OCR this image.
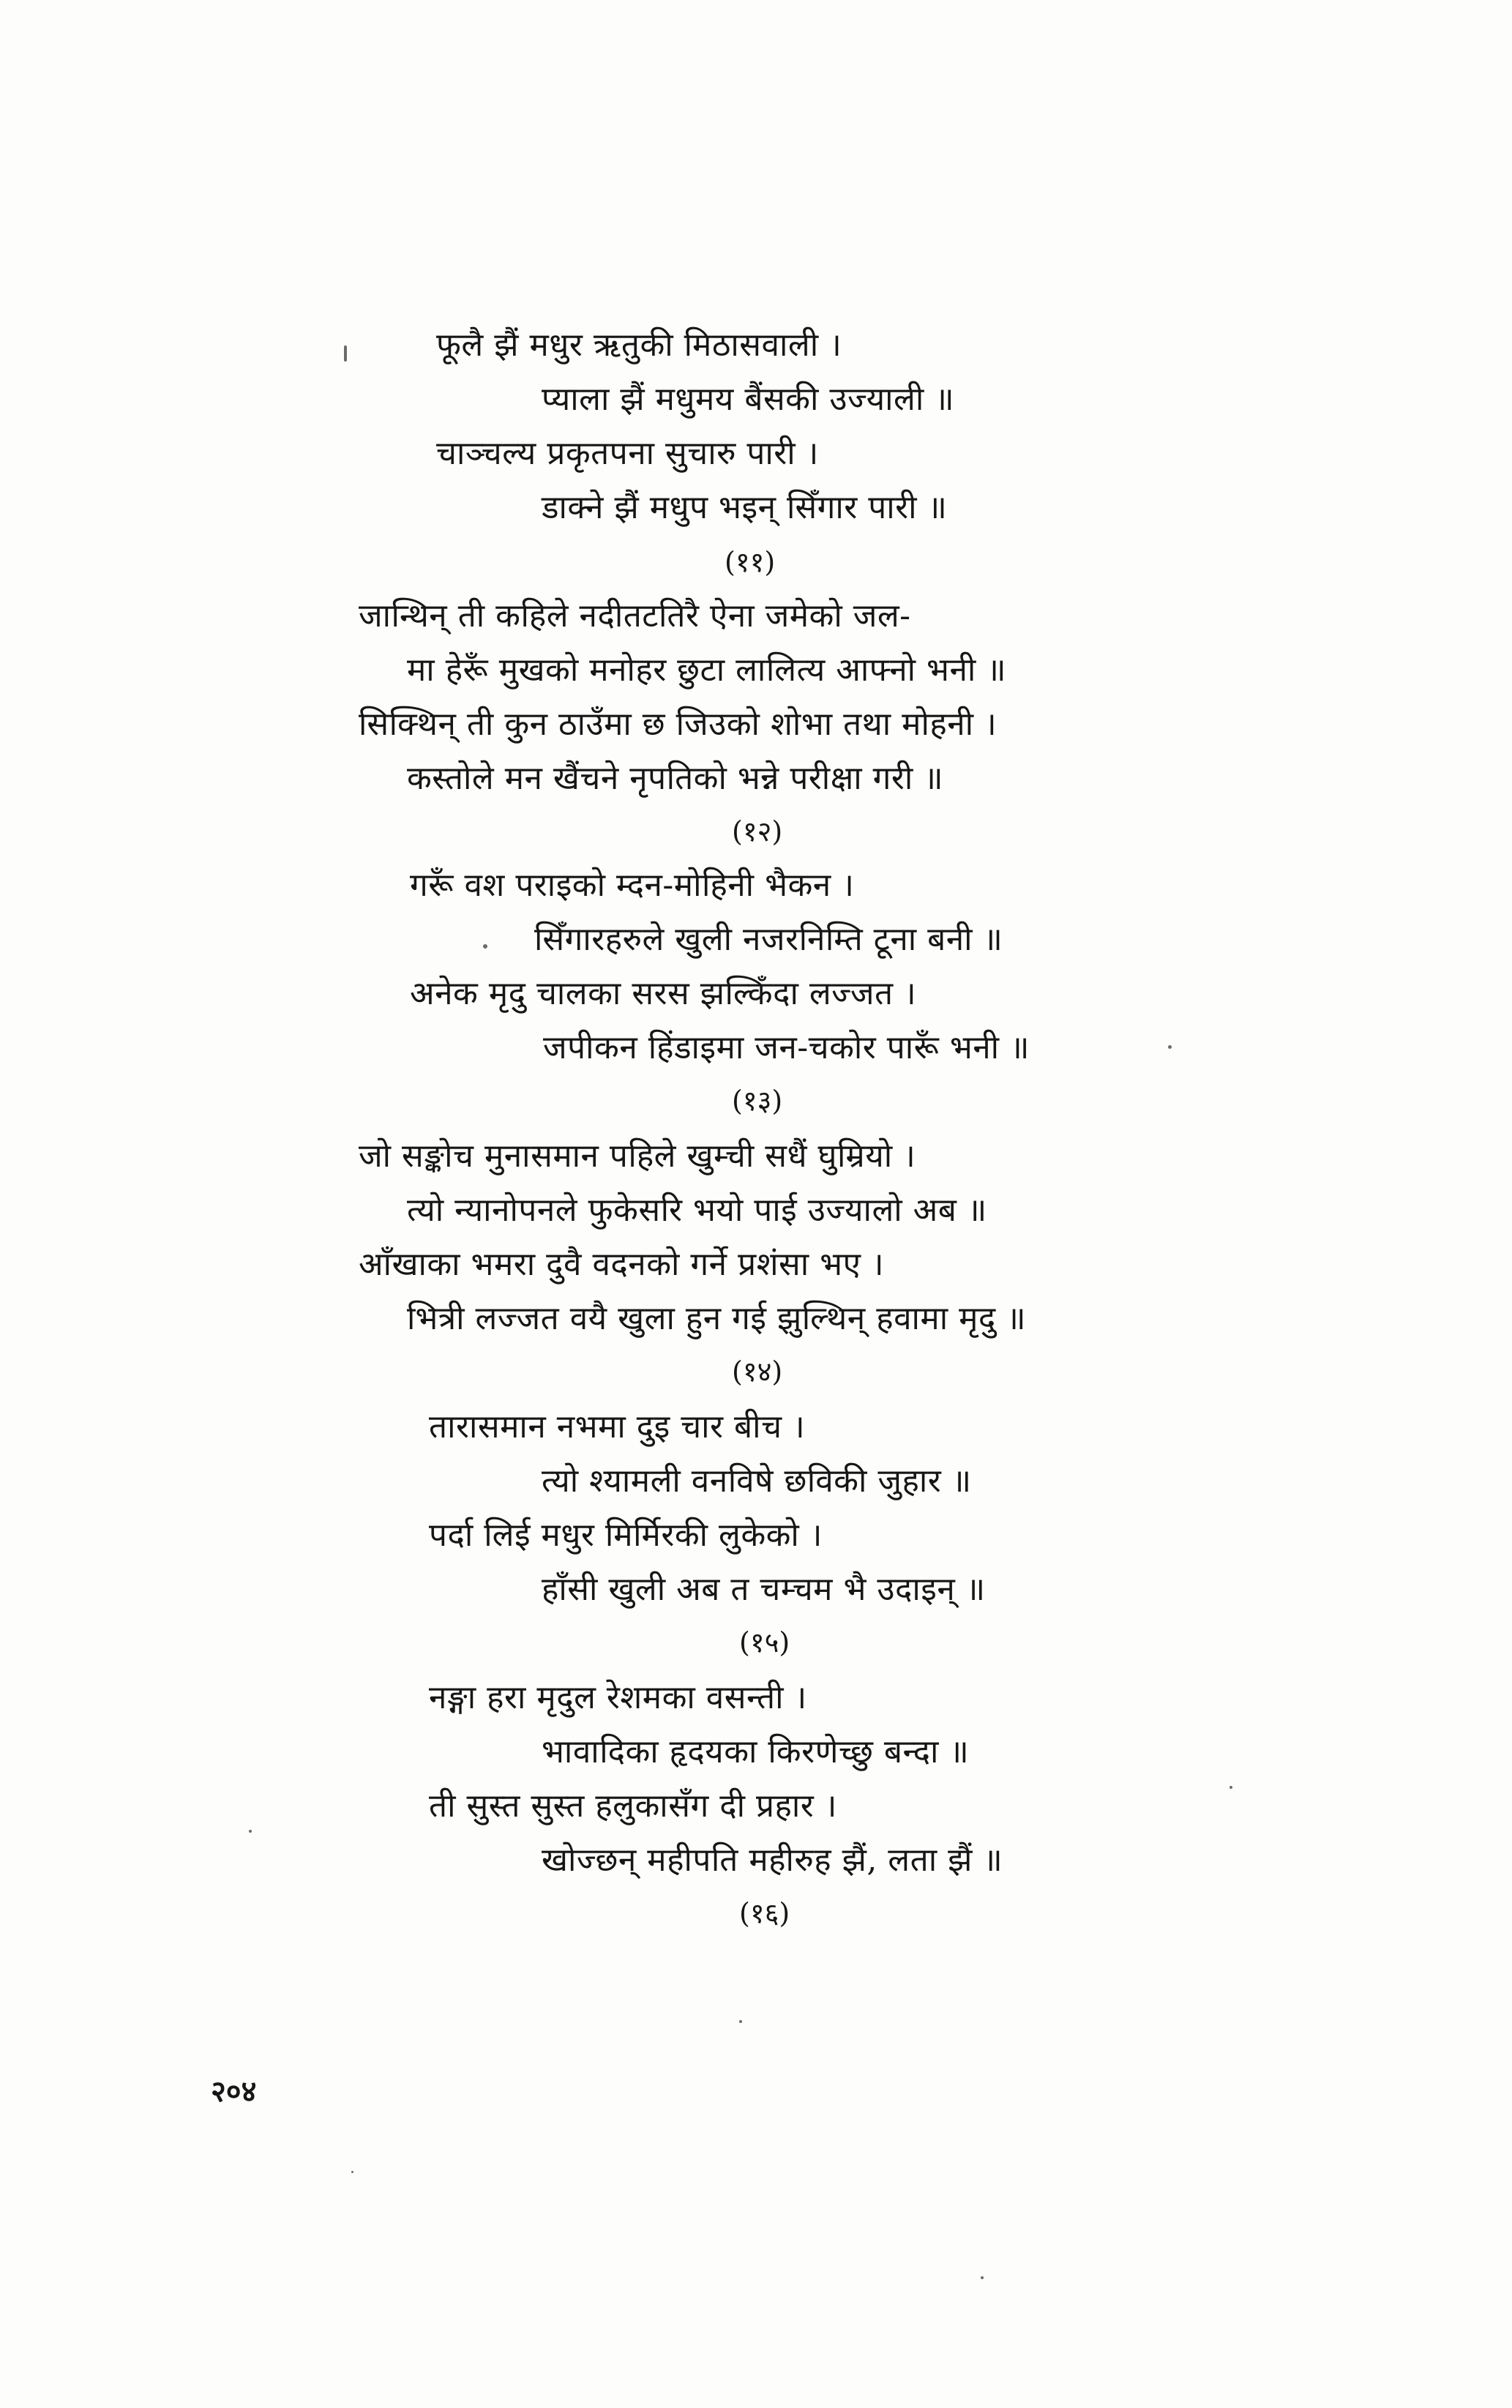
फूलै झैं मधुर ऋतुकी मिठासवाली ।
प्याला झैं मधुमय बैंसकी उज्याली ॥
चाञ्चल्य प्रकृतपना सुचारु पारी ।
डाक्ने झैं मधुप भइन् सिँगार पारी ॥
(११)
जान्थिन् ती कहिले नदीतटतिरै ऐना जमेको जल-
मा हेरूँ मुखको मनोहर छुटा लालित्य आफ्नो भनी ॥
सिक्थिन् ती कुन ठाउँमा छ जिउको शोभा तथा मोहनी ।
कस्तोले मन खैंचने नृपतिको भन्ने परीक्षा गरी ॥
(१२)
गरूँ वश पराइको म्दन-मोहिनी भैकन ।
सिँगारहरुले खुली नजरनिम्ति टूना बनी ॥
अनेक मृदु चालका सरस झल्किँदा लज्जत ।
जपीकन हिंडाइमा जन-चकोर पारूँ भनी ॥
(१३)
जो सङ्कोच मुनासमान पहिले खुम्ची सधैं घुम्रियो ।
त्यो न्यानोपनले फुकेसरि भयो पाई उज्यालो अब ॥
आँखाका भमरा दुवै वदनको गर्ने प्रशंसा भए ।
भित्री लज्जत वयै खुला हुन गई झुल्थिन् हवामा मृदु ॥
(१४)
तारासमान नभमा दुइ चार बीच ।
त्यो श्यामली वनविषे छविकी जुहार ॥
पर्दा लिई मधुर मिर्मिरकी लुकेको ।
हाँसी खुली अब त चम्चम भै उदाइन् ॥
(१५)
नङ्गा हरा मृदुल रेशमका वसन्ती ।
भावादिका हृदयका किरणेच्छु बन्दा ॥
ती सुस्त सुस्त हलुकासँग दी प्रहार ।
खोज्छन् महीपति महीरुह झैं, लता झैं ॥
(१६)
२०४
